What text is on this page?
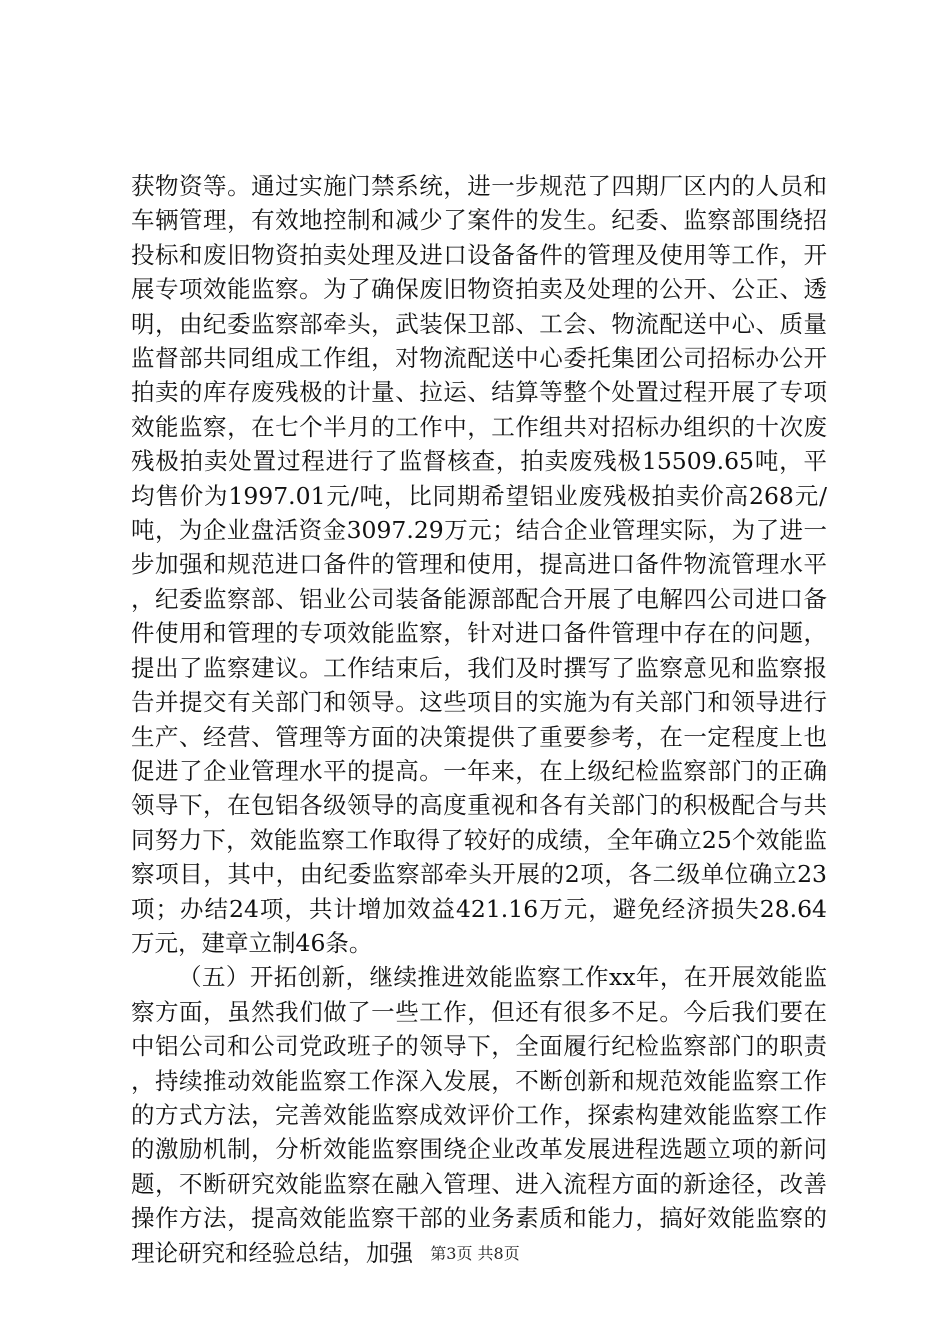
获物资等。通过实施门禁系统，进一步规范了四期厂区内的人员和车辆管理，有效地控制和减少了案件的发生。纪委、监察部围绕招投标和废旧物资拍卖处理及进口设备备件的管理及使用等工作，开展专项效能监察。为了确保废旧物资拍卖及处理的公开、公正、透明，由纪委监察部牵头，武装保卫部、工会、物流配送中心、质量监督部共同组成工作组，对物流配送中心委托集团公司招标办公开拍卖的库存废残极的计量、拉运、结算等整个处置过程开展了专项效能监察，在七个半月的工作中，工作组共对招标办组织的十次废残极拍卖处置过程进行了监督核查，拍卖废残极15509.65吨，平均售价为1997.01元/吨，比同期希望铝业废残极拍卖价高268元/吨，为企业盘活资金3097.29万元；结合企业管理实际，为了进一步加强和规范进口备件的管理和使用，提高进口备件物流管理水平，纪委监察部、铝业公司装备能源部配合开展了电解四公司进口备件使用和管理的专项效能监察，针对进口备件管理中存在的问题，提出了监察建议。工作结束后，我们及时撰写了监察意见和监察报告并提交有关部门和领导。这些项目的实施为有关部门和领导进行生产、经营、管理等方面的决策提供了重要参考，在一定程度上也促进了企业管理水平的提高。一年来，在上级纪检监察部门的正确领导下，在包铝各级领导的高度重视和各有关部门的积极配合与共同努力下，效能监察工作取得了较好的成绩，全年确立25个效能监察项目，其中，由纪委监察部牵头开展的2项，各二级单位确立23项；办结24项，共计增加效益421.16万元，避免经济损失28.64万元，建章立制46条。

（五）开拓创新，继续推进效能监察工作xx年，在开展效能监察方面，虽然我们做了一些工作，但还有很多不足。今后我们要在中铝公司和公司党政班子的领导下，全面履行纪检监察部门的职责，持续推动效能监察工作深入发展，不断创新和规范效能监察工作的方式方法，完善效能监察成效评价工作，探索构建效能监察工作的激励机制，分析效能监察围绕企业改革发展进程选题立项的新问题，不断研究效能监察在融入管理、进入流程方面的新途径，改善操作方法，提高效能监察干部的业务素质和能力，搞好效能监察的理论研究和经验总结，加强	第3页 共8页
